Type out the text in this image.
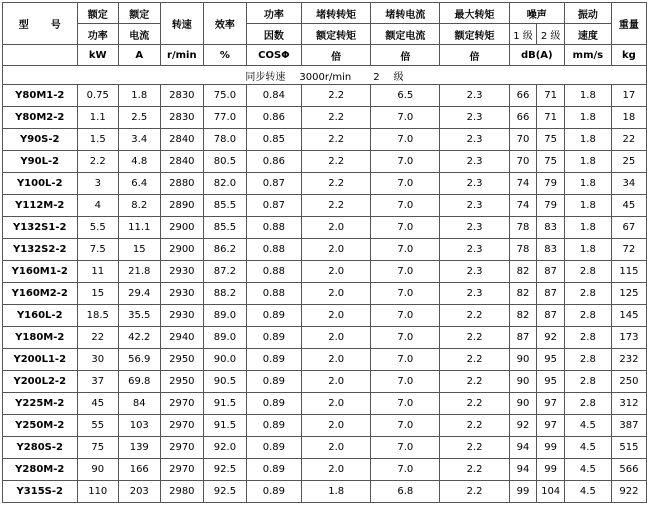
型 号	额定	额定	转速	效率	功率	堵转转矩	堵转电流	最大转矩	噪声		振动	重量
	功率	电流			因数	额定转矩	额定电流	额定转矩	1 级	2 级	速度	
	kW	A	r/min	%	COSΦ	倍	倍	倍	dB(A)		mm/s	kg
同步转速 3000r/min 2 级												
Y80M1-2	0.75	1.8	2830	75.0	0.84	2.2	6.5	2.3	66	71	1.8	17
Y80M2-2	1.1	2.5	2830	77.0	0.86	2.2	7.0	2.3	66	71	1.8	18
Y90S-2	1.5	3.4	2840	78.0	0.85	2.2	7.0	2.3	70	75	1.8	22
Y90L-2	2.2	4.8	2840	80.5	0.86	2.2	7.0	2.3	70	75	1.8	25
Y100L-2	3	6.4	2880	82.0	0.87	2.2	7.0	2.3	74	79	1.8	34
Y112M-2	4	8.2	2890	85.5	0.87	2.2	7.0	2.3	74	79	1.8	45
Y132S1-2	5.5	11.1	2900	85.5	0.88	2.0	7.0	2.3	78	83	1.8	67
Y132S2-2	7.5	15	2900	86.2	0.88	2.0	7.0	2.3	78	83	1.8	72
Y160M1-2	11	21.8	2930	87.2	0.88	2.0	7.0	2.3	82	87	2.8	115
Y160M2-2	15	29.4	2930	88.2	0.88	2.0	7.0	2.3	82	87	2.8	125
Y160L-2	18.5	35.5	2930	89.0	0.89	2.0	7.0	2.2	82	87	2.8	145
Y180M-2	22	42.2	2940	89.0	0.89	2.0	7.0	2.2	87	92	2.8	173
Y200L1-2	30	56.9	2950	90.0	0.89	2.0	7.0	2.2	90	95	2.8	232
Y200L2-2	37	69.8	2950	90.5	0.89	2.0	7.0	2.2	90	95	2.8	250
Y225M-2	45	84	2970	91.5	0.89	2.0	7.0	2.2	90	97	2.8	312
Y250M-2	55	103	2970	91.5	0.89	2.0	7.0	2.2	92	97	4.5	387
Y280S-2	75	139	2970	92.0	0.89	2.0	7.0	2.2	94	99	4.5	515
Y280M-2	90	166	2970	92.5	0.89	2.0	7.0	2.2	94	99	4.5	566
Y315S-2	110	203	2980	92.5	0.89	1.8	6.8	2.2	99	104	4.5	922
